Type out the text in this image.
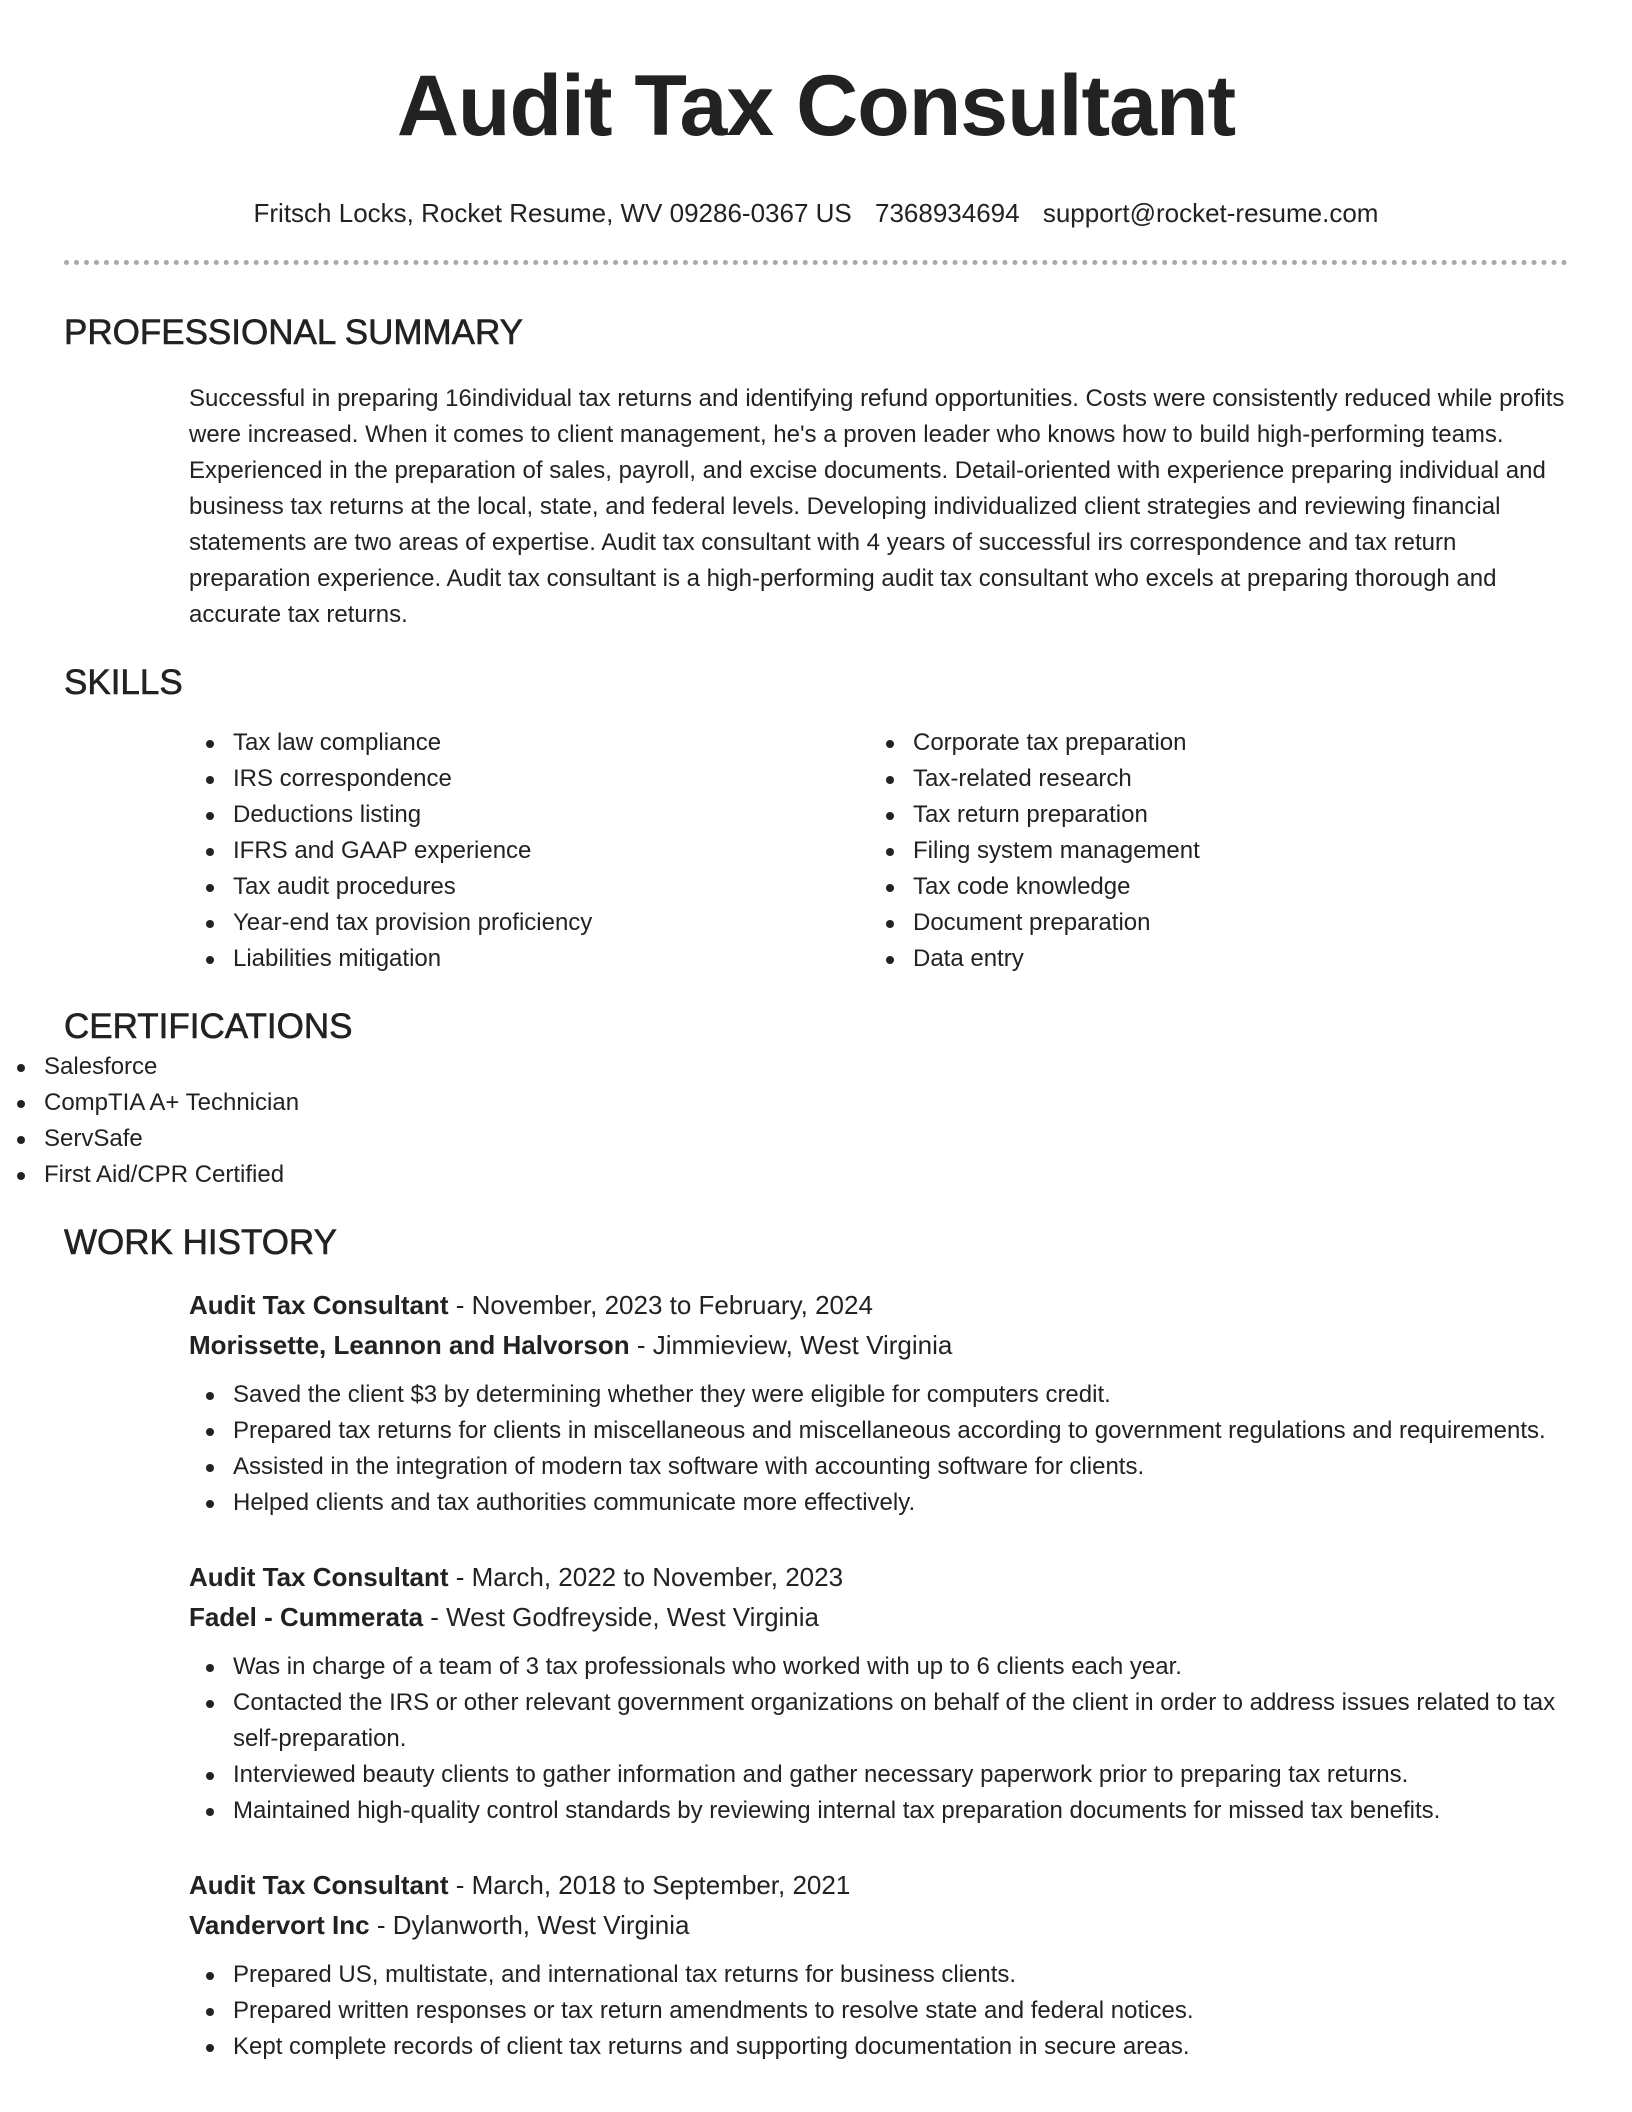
Audit Tax Consultant
Fritsch Locks, Rocket Resume, WV 09286-0367 US 7368934694 support@rocket-resume.com
PROFESSIONAL SUMMARY

Successful in preparing 16individual tax returns and identifying refund opportunities. Costs were consistently reduced while profits were increased. When it comes to client management, he's a proven leader who knows how to build high-performing teams. Experienced in the preparation of sales, payroll, and excise documents. Detail-oriented with experience preparing individual and business tax returns at the local, state, and federal levels. Developing individualized client strategies and reviewing financial statements are two areas of expertise. Audit tax consultant with 4 years of successful irs correspondence and tax return preparation experience. Audit tax consultant is a high-performing audit tax consultant who excels at preparing thorough and accurate tax returns.

SKILLS
Tax law compliance
IRS correspondence
Deductions listing
IFRS and GAAP experience
Tax audit procedures
Year-end tax provision proficiency
Liabilities mitigation
Corporate tax preparation
Tax-related research
Tax return preparation
Filing system management
Tax code knowledge
Document preparation
Data entry
CERTIFICATIONS
Salesforce
CompTIA A+ Technician
ServSafe
First Aid/CPR Certified
WORK HISTORY
Audit Tax Consultant - November, 2023 to February, 2024
Morissette, Leannon and Halvorson - Jimmieview, West Virginia
Saved the client $3 by determining whether they were eligible for computers credit.
Prepared tax returns for clients in miscellaneous and miscellaneous according to government regulations and requirements.
Assisted in the integration of modern tax software with accounting software for clients.
Helped clients and tax authorities communicate more effectively.
Audit Tax Consultant - March, 2022 to November, 2023
Fadel - Cummerata - West Godfreyside, West Virginia
Was in charge of a team of 3 tax professionals who worked with up to 6 clients each year.
Contacted the IRS or other relevant government organizations on behalf of the client in order to address issues related to tax self-preparation.
Interviewed beauty clients to gather information and gather necessary paperwork prior to preparing tax returns.
Maintained high-quality control standards by reviewing internal tax preparation documents for missed tax benefits.
Audit Tax Consultant - March, 2018 to September, 2021
Vandervort Inc - Dylanworth, West Virginia
Prepared US, multistate, and international tax returns for business clients.
Prepared written responses or tax return amendments to resolve state and federal notices.
Kept complete records of client tax returns and supporting documentation in secure areas.
